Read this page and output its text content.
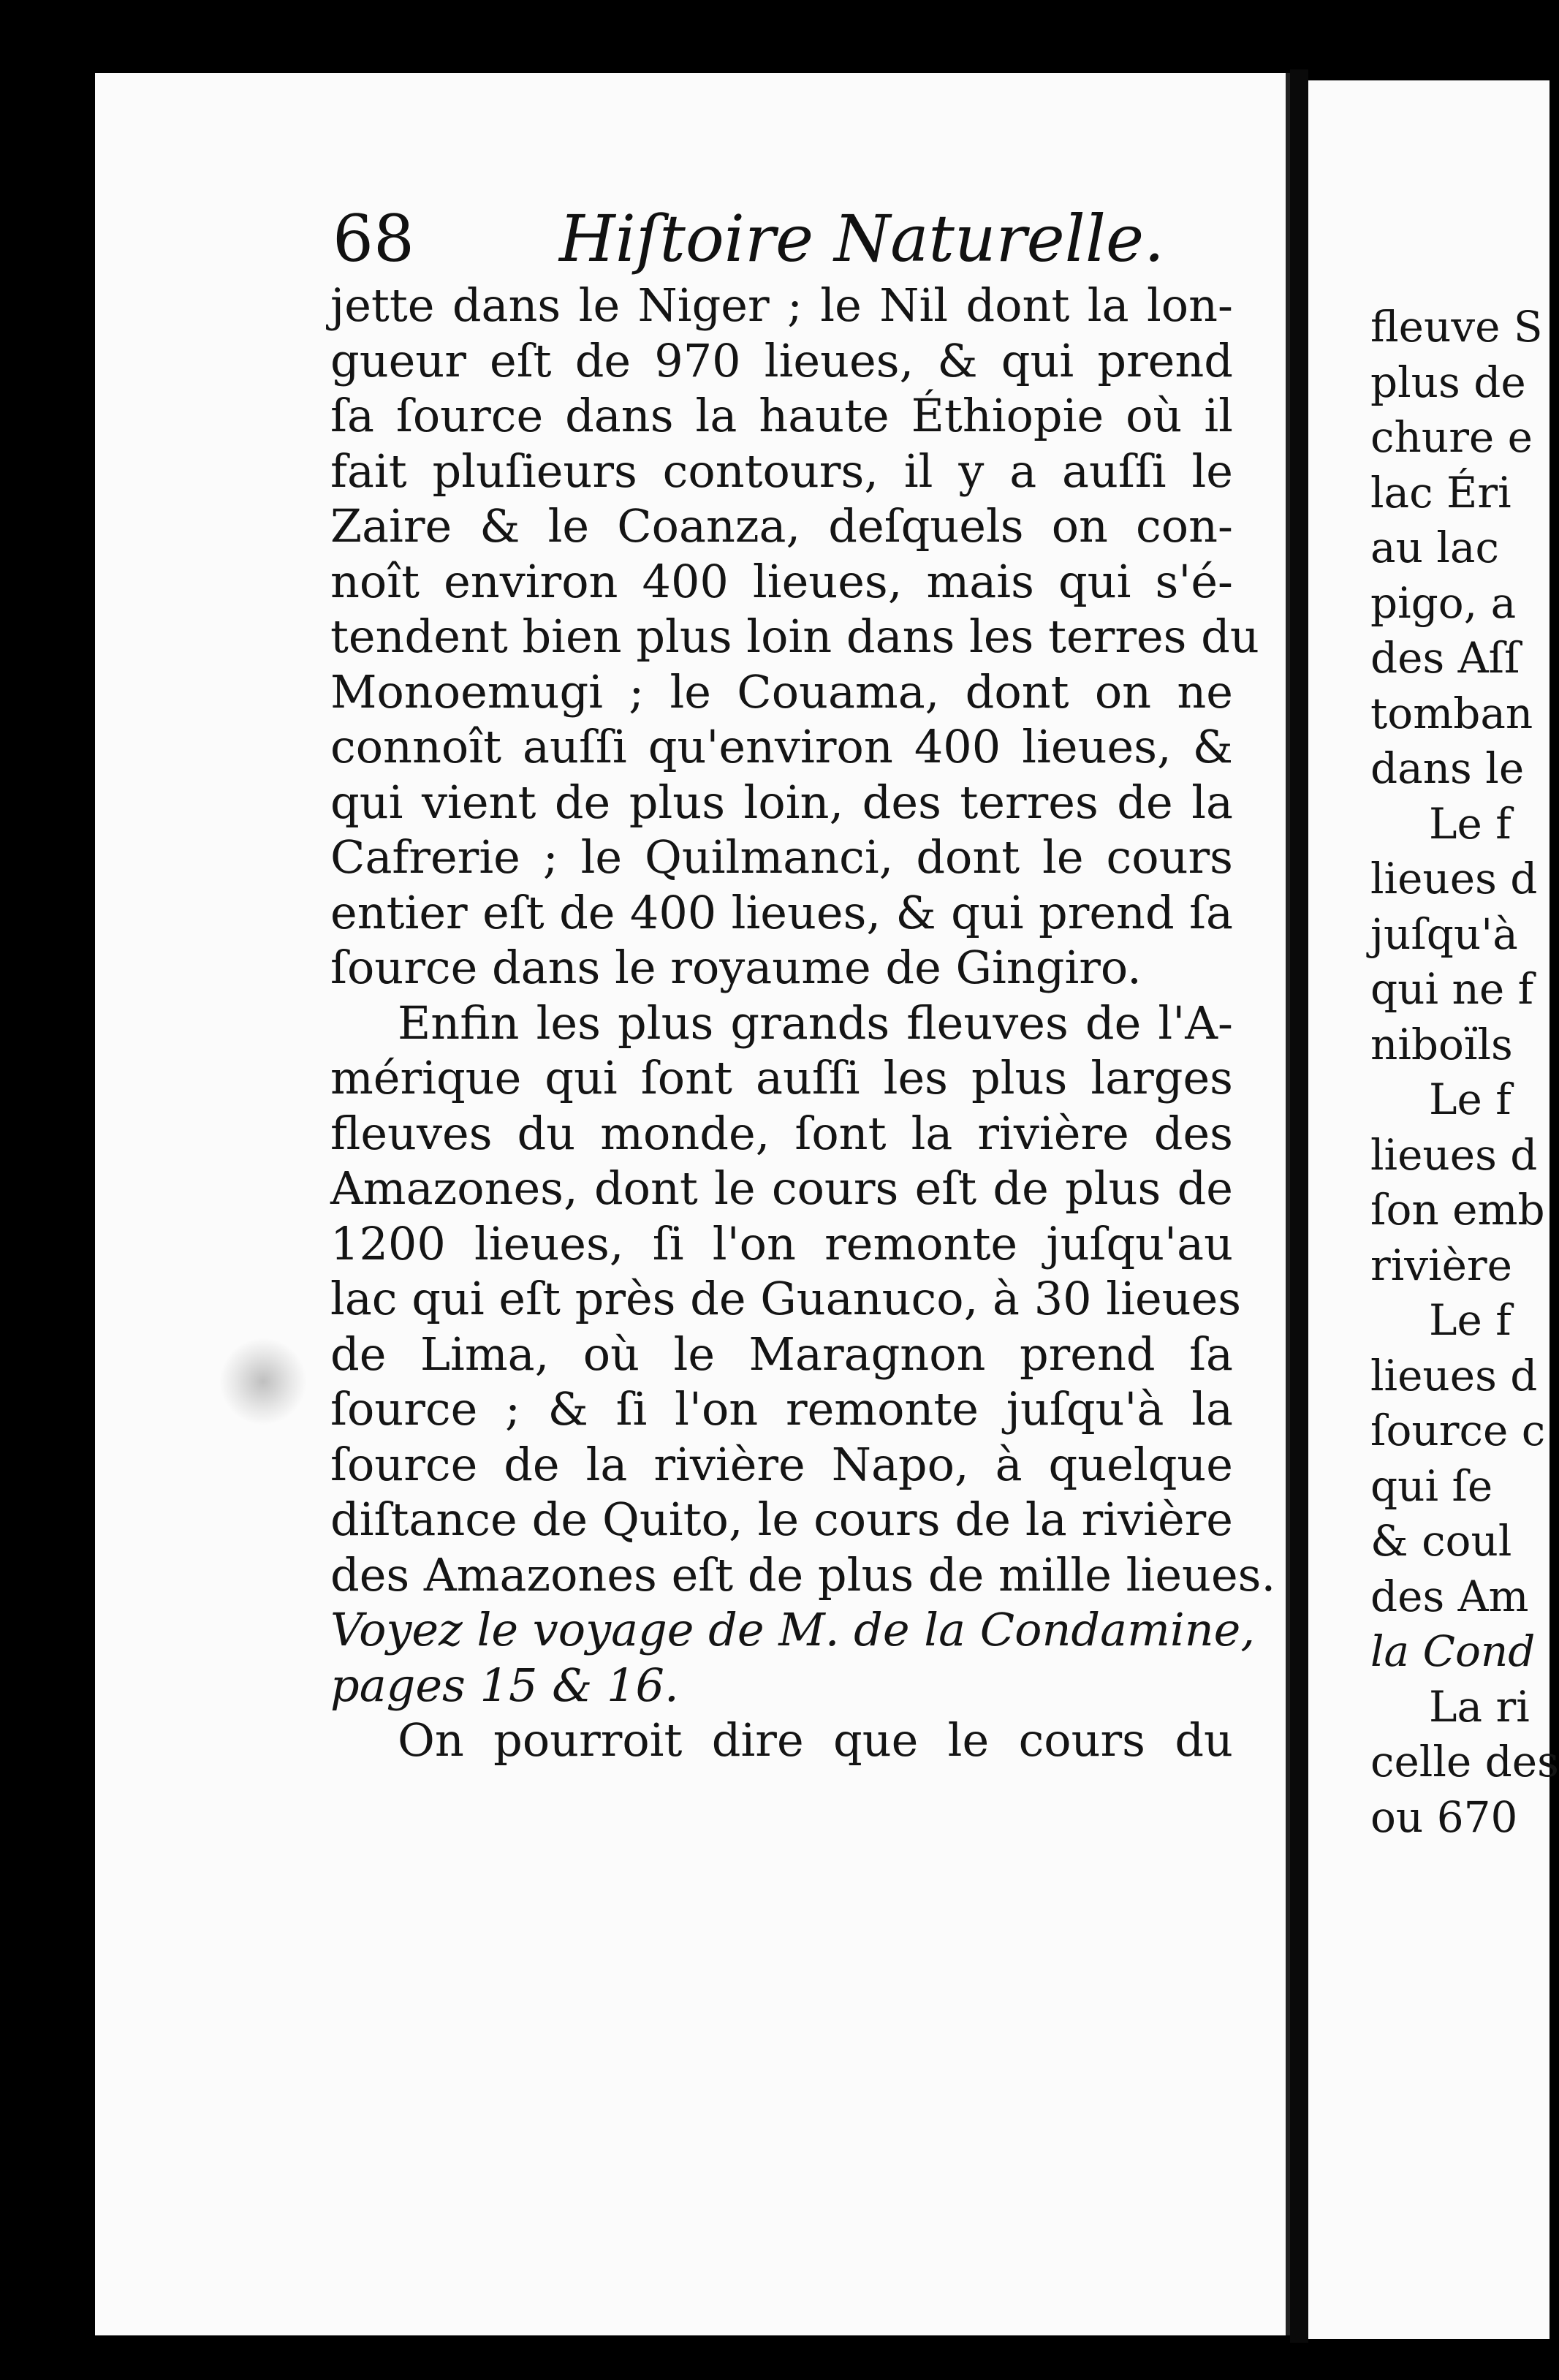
68 Hiſtoire Naturelle.
jette dans le Niger ; le Nil dont la lon-
gueur eſt de 970 lieues, & qui prend
ſa ſource dans la haute Éthiopie où il
fait pluſieurs contours, il y a auſſi le
Zaire & le Coanza, deſquels on con-
noît environ 400 lieues, mais qui s'é-
tendent bien plus loin dans les terres du
Monoemugi ; le Couama, dont on ne
connoît auſſi qu'environ 400 lieues, &
qui vient de plus loin, des terres de la
Cafrerie ; le Quilmanci, dont le cours
entier eſt de 400 lieues, & qui prend ſa
ſource dans le royaume de Gingiro.
Enfin les plus grands fleuves de l'A-
mérique qui ſont auſſi les plus larges
fleuves du monde, ſont la rivière des
Amazones, dont le cours eſt de plus de
1200 lieues, ſi l'on remonte juſqu'au
lac qui eſt près de Guanuco, à 30 lieues
de Lima, où le Maragnon prend ſa
ſource ; & ſi l'on remonte juſqu'à la
ſource de la rivière Napo, à quelque
diſtance de Quito, le cours de la rivière
des Amazones eſt de plus de mille lieues.
Voyez le voyage de M. de la Condamine,
pages 15 & 16.
On pourroit dire que le cours du
fleuve S
plus de
chure e
lac Éri
au lac
pigo, a
des Aſſ
tomban
dans le
Le f
lieues d
juſqu'à
qui ne f
niboïls
Le f
lieues d
ſon emb
rivière
Le f
lieues d
ſource c
qui ſe
& coul
des Am
la Cond
La ri
celle des
ou 670
